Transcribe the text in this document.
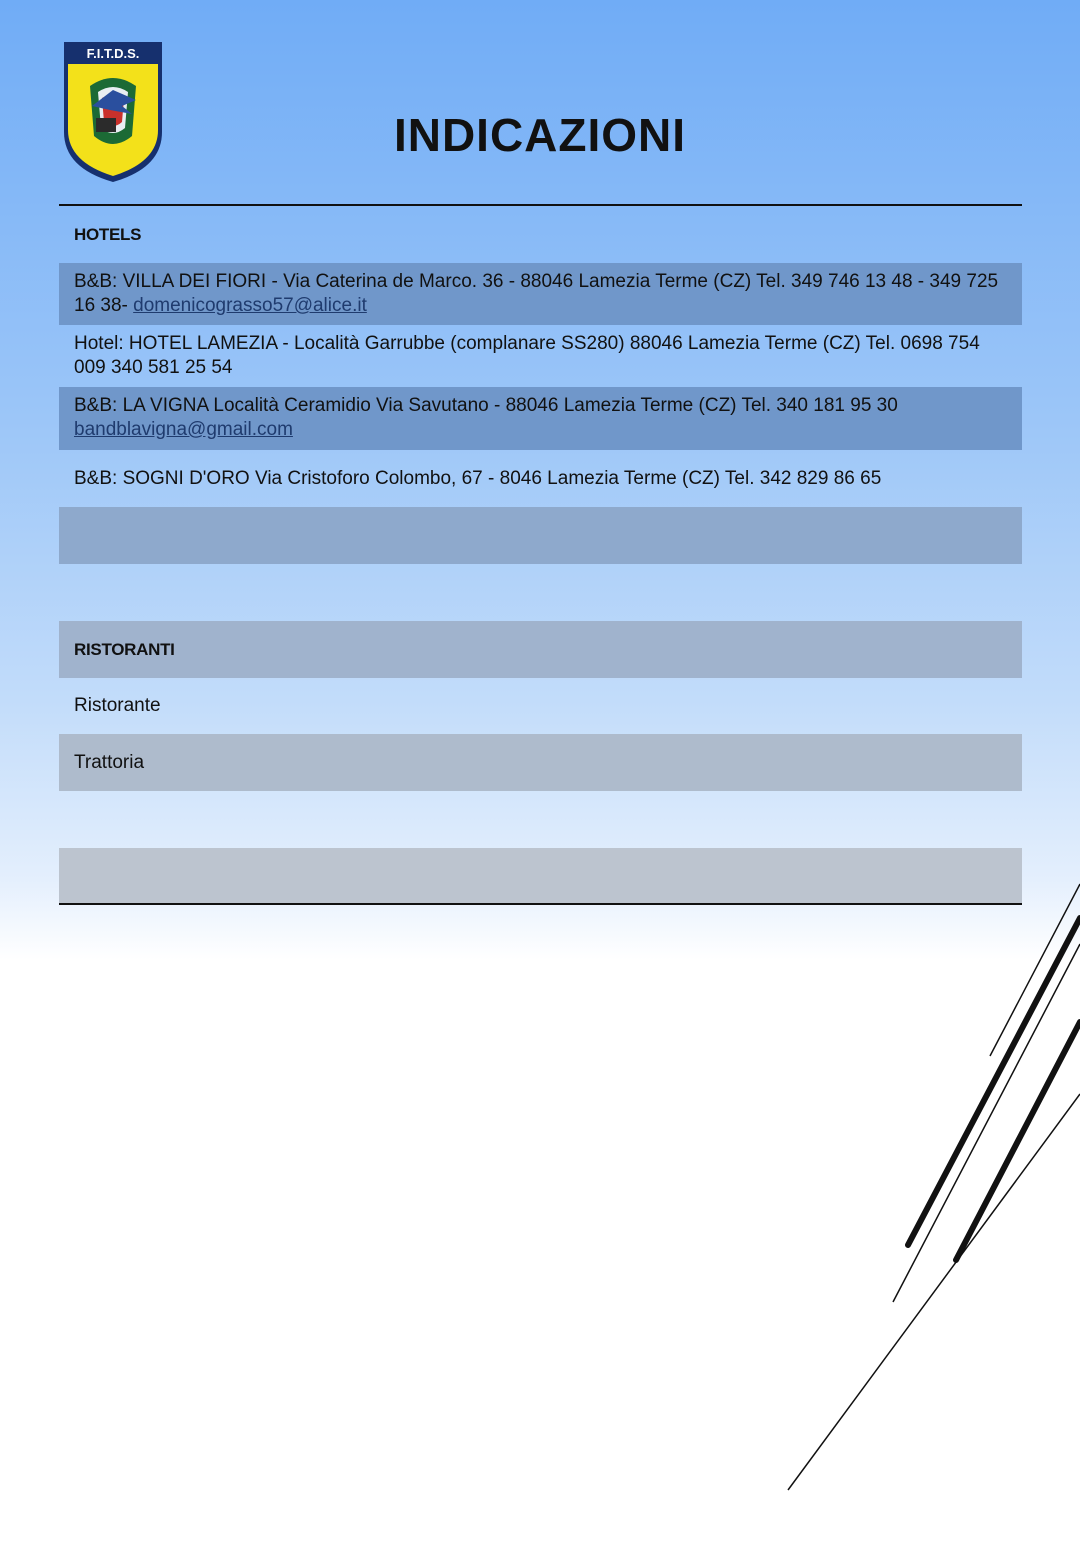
F.I.T.D.S.
INDICAZIONI
HOTELS
B&B: VILLA DEI FIORI - Via Caterina de Marco. 36 - 88046 Lamezia Terme (CZ) Tel. 349 746 13 48 - 349 725 16 38- domenicograsso57@alice.it
Hotel: HOTEL LAMEZIA - Località Garrubbe (complanare SS280) 88046 Lamezia Terme (CZ) Tel. 0698 754 009 340 581 25 54
B&B: LA VIGNA Località Ceramidio Via Savutano - 88046 Lamezia Terme (CZ) Tel. 340 181 95 30 bandblavigna@gmail.com
B&B: SOGNI D'ORO Via Cristoforo Colombo, 67 - 8046 Lamezia Terme (CZ) Tel. 342 829 86 65
RISTORANTI
Ristorante
Trattoria
